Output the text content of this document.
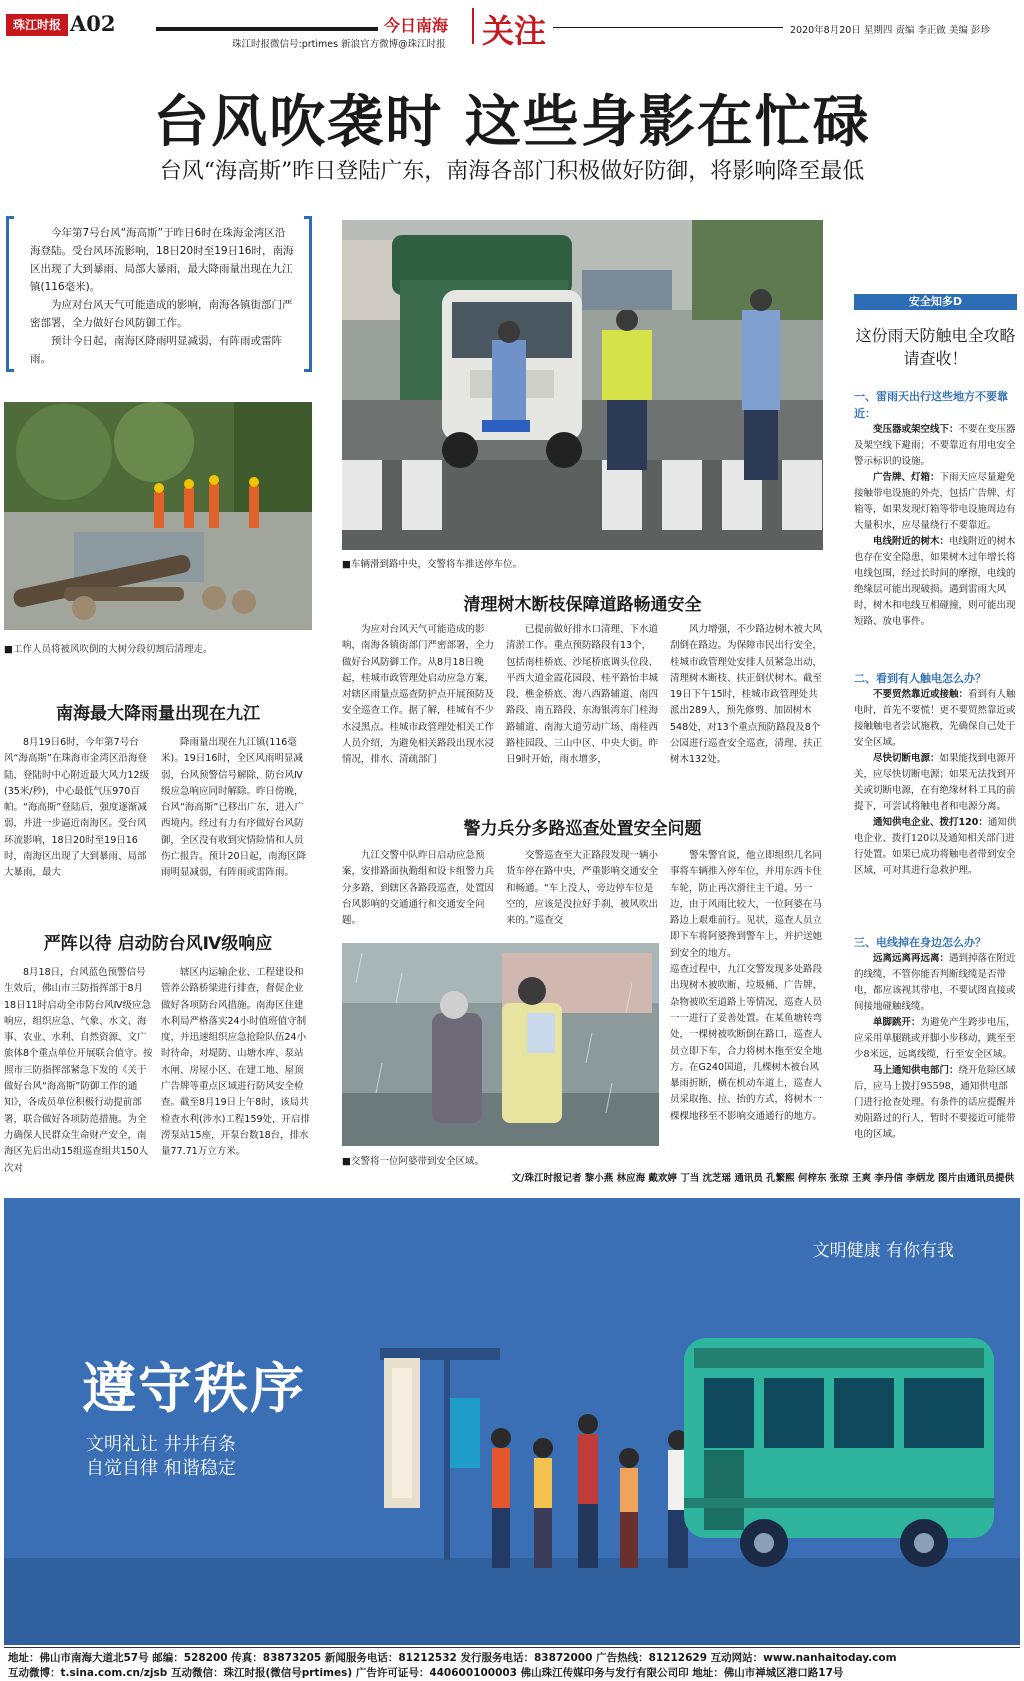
珠江时报 A02	今日南海 关注
珠江时报微信号:prtimes 新浪官方微博@珠江时报
2020年8月20日 星期四 责编 李正啟 美编 彭珍
台风吹袭时 这些身影在忙碌
台风“海高斯”昨日登陆广东，南海各部门积极做好防御，将影响降至最低

今年第7号台风“海高斯”于昨日6时在珠海金湾区沿海登陆。受台风环流影响，18日20时至19日16时，南海区出现了大到暴雨、局部大暴雨，最大降雨量出现在九江镇(116毫米)。

为应对台风天气可能造成的影响，南海各镇街部门严密部署，全力做好台风防御工作。

预计今日起，南海区降雨明显减弱，有阵雨或雷阵雨。

■工作人员将被风吹倒的大树分段切割后清理走。
南海最大降雨量出现在九江
8月19日6时，今年第7号台风“海高斯”在珠海市金湾区沿海登陆，登陆时中心附近最大风力12级(35米/秒)，中心最低气压970百帕。“海高斯”登陆后，强度逐渐减弱，并进一步逼近南海区。受台风环流影响，18日20时至19日16时，南海区出现了大到暴雨、局部大暴雨，最大
降雨量出现在九江镇(116毫米)。19日16时，全区风雨明显减弱，台风预警信号解除，防台风Ⅳ级应急响应同时解除。昨日傍晚，台风“海高斯”已移出广东，进入广西境内。经过有力有序做好台风防御，全区没有收到灾情险情和人员伤亡报告。预计20日起，南海区降雨明显减弱，有阵雨或雷阵雨。
严阵以待 启动防台风Ⅳ级响应
8月18日，台风蓝色预警信号生效后，佛山市三防指挥部于8月18日11时启动全市防台风Ⅳ级应急响应，组织应急、气象、水文、海事、农业、水利、自然资源、文广旅体8个重点单位开展联合值守。按照市三防指挥部紧急下发的《关于做好台风“海高斯”防御工作的通知》，各成员单位积极行动提前部署，联合做好各项防范措施。为全力确保人民群众生命财产安全，南海区先后出动15组巡查组共150人次对
辖区内运输企业、工程建设和管养公路桥梁进行排查，督促企业做好各项防台风措施。南海区住建水利局严格落实24小时值班值守制度，并迅速组织应急抢险队伍24小时待命，对堤防、山塘水库、泵站水闸、房屋小区、在建工地、屋顶广告牌等重点区域进行防风安全检查。截至8月19日上午8时，该局共检查水利(涉水)工程159处，开启排涝泵站15座，开泵台数18台，排水量77.71万立方米。
■车辆滑到路中央，交警将车推送停车位。
清理树木断枝保障道路畅通安全
为应对台风天气可能造成的影响，南海各镇街部门严密部署，全力做好台风防御工作。从8月18日晚起，桂城市政管理处启动应急方案，对辖区雨量点巡查防护点开展预防及安全巡查工作。据了解，桂城有不少水浸黑点。桂城市政管理处相关工作人员介绍，为避免相关路段出现水浸情况，排水、清疏部门
已提前做好排水口清理、下水道清淤工作。重点预防路段有13个，包括南桂桥底、沙尾桥底调头位段、平西大道金霞花园段、桂平路怡丰城段、樵金桥底、海八西路辅道、南四路段、南五路段、东海银湾东门桂海路辅道、南海大道劳动广场、南桂西路桂园段、三山中区、中央大街。昨日9时开始，雨水增多，
风力增强，不少路边树木被大风刮倒在路边。为保障市民出行安全，桂城市政管理处安排人员紧急出动，清理树木断枝、扶正倒伏树木。截至19日下午15时，桂城市政管理处共派出289人，预先修剪、加固树木548处，对13个重点预防路段及8个公园进行巡查安全巡查，清理、扶正树木132处。
警力兵分多路巡查处置安全问题
九江交警中队昨日启动应急预案，安排路面执勤组和设卡组警力兵分多路，到辖区各路段巡查，处置因台风影响的交通通行和交通安全问题。
交警巡查至大正路段发现一辆小货车停在路中央，严重影响交通安全和畅通。“车上没人，旁边停车位是空的，应该是没拉好手刹，被风吹出来的。”巡查交
警朱警官说，他立即组织几名同事将车辆推入停车位，并用东西卡住车轮，防止再次滑往主干道。另一边，由于风雨比较大，一位阿婆在马路边上艰难前行。见状，巡查人员立即下车将阿婆搀到警车上，并护送她到安全的地方。
巡查过程中，九江交警发现多处路段出现树木被吹断、垃圾桶、广告牌、杂物被吹至道路上等情况，巡查人员一一进行了妥善处置。在某鱼塘转弯处，一棵树被吹断倒在路口，巡查人员立即下车，合力将树木拖至安全地方。在G240国道，几棵树木被台风暴雨折断，横在机动车道上，巡查人员采取拖、拉、抬的方式，将树木一棵棵地移至不影响交通通行的地方。
■交警将一位阿婆带到安全区域。
安全知多D
这份雨天防触电全攻略请查收！
一、雷雨天出行这些地方不要靠近：
变压器或架空线下：不要在变压器及架空线下避雨；不要靠近有用电安全警示标识的设施。
广告牌、灯箱：下雨天应尽量避免接触带电设施的外壳，包括广告牌、灯箱等，如果发现灯箱等带电设施周边有大量积水，应尽量绕行不要靠近。
电线附近的树木：电线附近的树木也存在安全隐患，如果树木过年增长将电线包围，经过长时间的摩擦，电线的绝缘层可能出现破损。遇到雷雨大风时，树木和电线互相碰撞，则可能出现短路、放电事件。
二、看到有人触电怎么办？
不要贸然靠近或接触：看到有人触电时，首先不要慌！更不要贸然靠近或接触触电者尝试施救，先确保自己处于安全区域。
尽快切断电源：如果能找到电源开关，应尽快切断电源；如果无法找到开关或切断电源，在有绝缘材料工具的前提下，可尝试将触电者和电源分离。
通知供电企业、拨打120：通知供电企业、拨打120以及通知相关部门进行处置。如果已成功将触电者带到安全区域，可对其进行急救护理。
三、电线掉在身边怎么办？
远离远离再远离：遇到掉落在附近的线缆，不管你能否判断线缆是否带电，都应该视其带电，不要试图直接或间接地碰触线缆。
单脚跳开：为避免产生跨步电压，应采用单腿跳或并脚小步移动，跳至至少8米远，远离线缆，行至安全区域。
马上通知供电部门：绕开危险区域后，应马上拨打95598，通知供电部门进行抢查处理。有条件的话应提醒并劝阻路过的行人，暂时不要接近可能带电的区域。
文/珠江时报记者 黎小燕 林应海 戴欢婷 丁当 沈芝瑶 通讯员 孔繁熙 何梓东 张琼 王爽 李丹信 李炳龙 图片由通讯员提供
文明健康 有你有我
遵守秩序
文明礼让 井井有条
自觉自律 和谐稳定
地址：佛山市南海大道北57号 邮编：528200 传真：83873205 新闻服务电话：81212532 发行服务电话：83872000 广告热线：81212629 互动网站：www.nanhaitoday.com
互动微博：t.sina.com.cn/zjsb 互动微信：珠江时报(微信号prtimes) 广告许可证号：440600100003 佛山珠江传媒印务与发行有限公司印 地址：佛山市禅城区港口路17号
